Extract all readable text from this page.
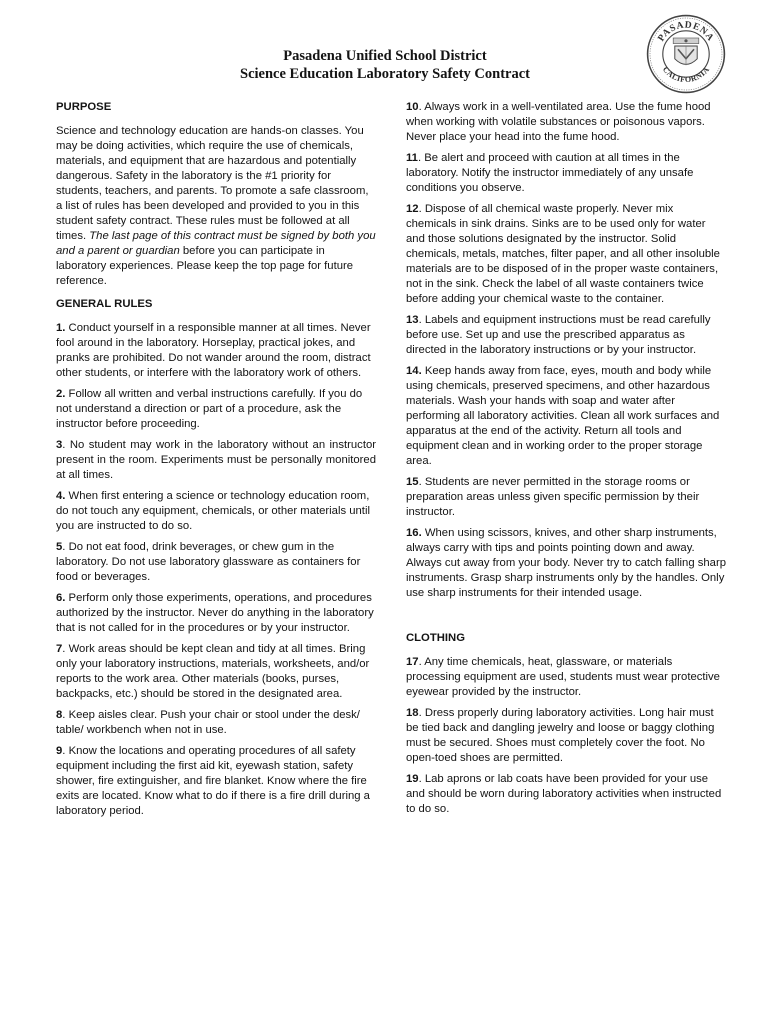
PASADENA
CALIFORNIA
Pasadena Unified School District
Science Education Laboratory Safety Contract
PURPOSE
Science and technology education are hands-on classes. You may be doing activities, which require the use of chemicals, materials, and equipment that are hazardous and potentially dangerous. Safety in the laboratory is the #1 priority for students, teachers, and parents. To promote a safe classroom, a list of rules has been developed and provided to you in this student safety contract. These rules must be followed at all times. The last page of this contract must be signed by both you and a parent or guardian before you can participate in laboratory experiences. Please keep the top page for future reference.
GENERAL RULES
1. Conduct yourself in a responsible manner at all times. Never fool around in the laboratory. Horseplay, practical jokes, and pranks are prohibited. Do not wander around the room, distract other students, or interfere with the laboratory work of others.
2. Follow all written and verbal instructions carefully. If you do not understand a direction or part of a procedure, ask the instructor before proceeding.
3. No student may work in the laboratory without an instructor present in the room. Experiments must be personally monitored at all times.
4. When first entering a science or technology education room, do not touch any equipment, chemicals, or other materials until you are instructed to do so.
5. Do not eat food, drink beverages, or chew gum in the laboratory. Do not use laboratory glassware as containers for food or beverages.
6. Perform only those experiments, operations, and procedures authorized by the instructor. Never do anything in the laboratory that is not called for in the procedures or by your instructor.
7. Work areas should be kept clean and tidy at all times. Bring only your laboratory instructions, materials, worksheets, and/or reports to the work area. Other materials (books, purses, backpacks, etc.) should be stored in the designated area.
8. Keep aisles clear. Push your chair or stool under the desk/ table/ workbench when not in use.
9. Know the locations and operating procedures of all safety equipment including the first aid kit, eyewash station, safety shower, fire extinguisher, and fire blanket. Know where the fire exits are located. Know what to do if there is a fire drill during a laboratory period.
10. Always work in a well-ventilated area. Use the fume hood when working with volatile substances or poisonous vapors. Never place your head into the fume hood.
11. Be alert and proceed with caution at all times in the laboratory. Notify the instructor immediately of any unsafe conditions you observe.
12. Dispose of all chemical waste properly. Never mix chemicals in sink drains. Sinks are to be used only for water and those solutions designated by the instructor. Solid chemicals, metals, matches, filter paper, and all other insoluble materials are to be disposed of in the proper waste containers, not in the sink. Check the label of all waste containers twice before adding your chemical waste to the container.
13. Labels and equipment instructions must be read carefully before use. Set up and use the prescribed apparatus as directed in the laboratory instructions or by your instructor.
14. Keep hands away from face, eyes, mouth and body while using chemicals, preserved specimens, and other hazardous materials. Wash your hands with soap and water after performing all laboratory activities. Clean all work surfaces and apparatus at the end of the activity. Return all tools and equipment clean and in working order to the proper storage area.
15. Students are never permitted in the storage rooms or preparation areas unless given specific permission by their instructor.
16. When using scissors, knives, and other sharp instruments, always carry with tips and points pointing down and away. Always cut away from your body. Never try to catch falling sharp instruments. Grasp sharp instruments only by the handles. Only use sharp instruments for their intended usage.
CLOTHING
17. Any time chemicals, heat, glassware, or materials processing equipment are used, students must wear protective eyewear provided by the instructor.
18. Dress properly during laboratory activities. Long hair must be tied back and dangling jewelry and loose or baggy clothing must be secured. Shoes must completely cover the foot. No open-toed shoes are permitted.
19. Lab aprons or lab coats have been provided for your use and should be worn during laboratory activities when instructed to do so.
